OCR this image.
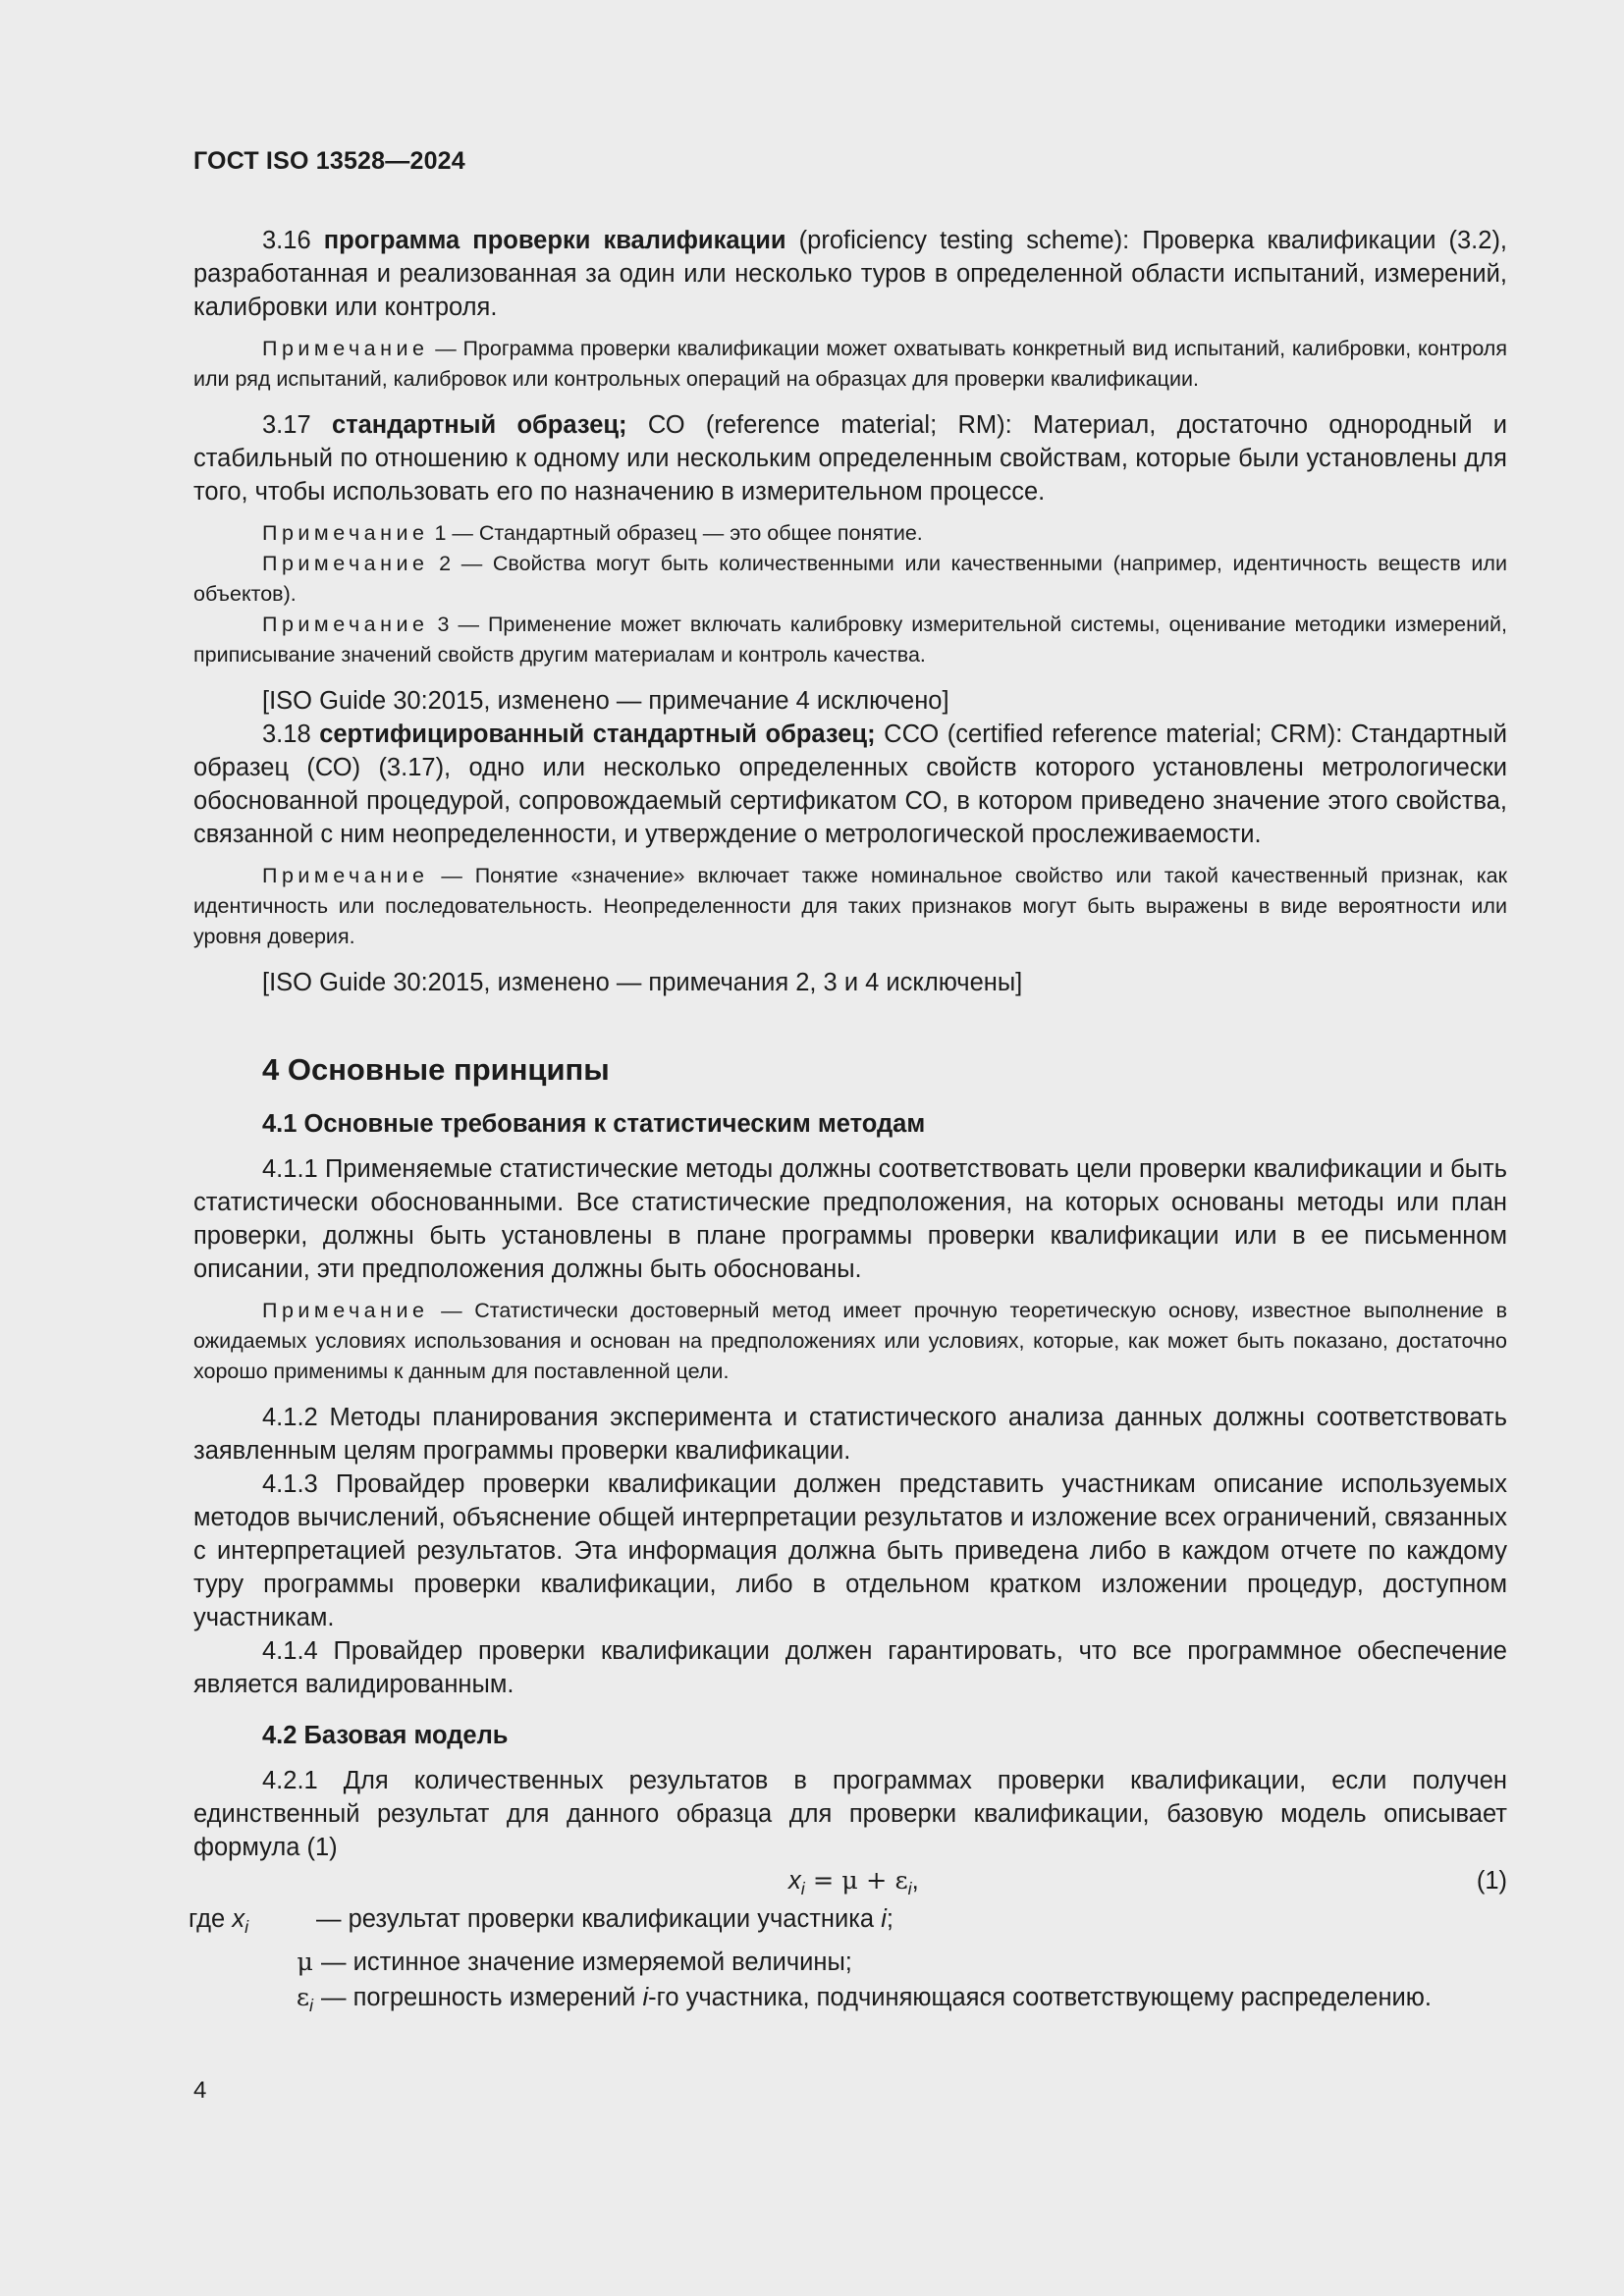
ГОСТ ISO 13528—2024

3.16 программа проверки квалификации (proficiency testing scheme): Проверка квалификации (3.2), разработанная и реализованная за один или несколько туров в определенной области испытаний, измерений, калибровки или контроля.

Примечание — Программа проверки квалификации может охватывать конкретный вид испытаний, калибровки, контроля или ряд испытаний, калибровок или контрольных операций на образцах для проверки квалификации.

3.17 стандартный образец; СО (reference material; RM): Материал, достаточно однородный и стабильный по отношению к одному или нескольким определенным свойствам, которые были установлены для того, чтобы использовать его по назначению в измерительном процессе.

Примечание 1 — Стандартный образец — это общее понятие.

Примечание 2 — Свойства могут быть количественными или качественными (например, идентичность веществ или объектов).

Примечание 3 — Применение может включать калибровку измерительной системы, оценивание методики измерений, приписывание значений свойств другим материалам и контроль качества.

[ISO Guide 30:2015, изменено — примечание 4 исключено]

3.18 сертифицированный стандартный образец; ССО (certified reference material; CRM): Стандартный образец (СО) (3.17), одно или несколько определенных свойств которого установлены метрологически обоснованной процедурой, сопровождаемый сертификатом СО, в котором приведено значение этого свойства, связанной с ним неопределенности, и утверждение о метрологической прослеживаемости.

Примечание — Понятие «значение» включает также номинальное свойство или такой качественный признак, как идентичность или последовательность. Неопределенности для таких признаков могут быть выражены в виде вероятности или уровня доверия.

[ISO Guide 30:2015, изменено — примечания 2, 3 и 4 исключены]

4 Основные принципы

4.1 Основные требования к статистическим методам

4.1.1 Применяемые статистические методы должны соответствовать цели проверки квалификации и быть статистически обоснованными. Все статистические предположения, на которых основаны методы или план проверки, должны быть установлены в плане программы проверки квалификации или в ее письменном описании, эти предположения должны быть обоснованы.

Примечание — Статистически достоверный метод имеет прочную теоретическую основу, известное выполнение в ожидаемых условиях использования и основан на предположениях или условиях, которые, как может быть показано, достаточно хорошо применимы к данным для поставленной цели.

4.1.2 Методы планирования эксперимента и статистического анализа данных должны соответствовать заявленным целям программы проверки квалификации.

4.1.3 Провайдер проверки квалификации должен представить участникам описание используемых методов вычислений, объяснение общей интерпретации результатов и изложение всех ограничений, связанных с интерпретацией результатов. Эта информация должна быть приведена либо в каждом отчете по каждому туру программы проверки квалификации, либо в отдельном кратком изложении процедур, доступном участникам.

4.1.4 Провайдер проверки квалификации должен гарантировать, что все программное обеспечение является валидированным.

4.2 Базовая модель

4.2.1 Для количественных результатов в программах проверки квалификации, если получен единственный результат для данного образца для проверки квалификации, базовую модель описывает формула (1)

$x_i = \mu + \varepsilon_i$,	(1)
где $x_i$	— результат проверки квалификации участника i;
μ — истинное значение измеряемой величины;
$\varepsilon_i$ — погрешность измерений i-го участника, подчиняющаяся соответствующему распределению.
4
